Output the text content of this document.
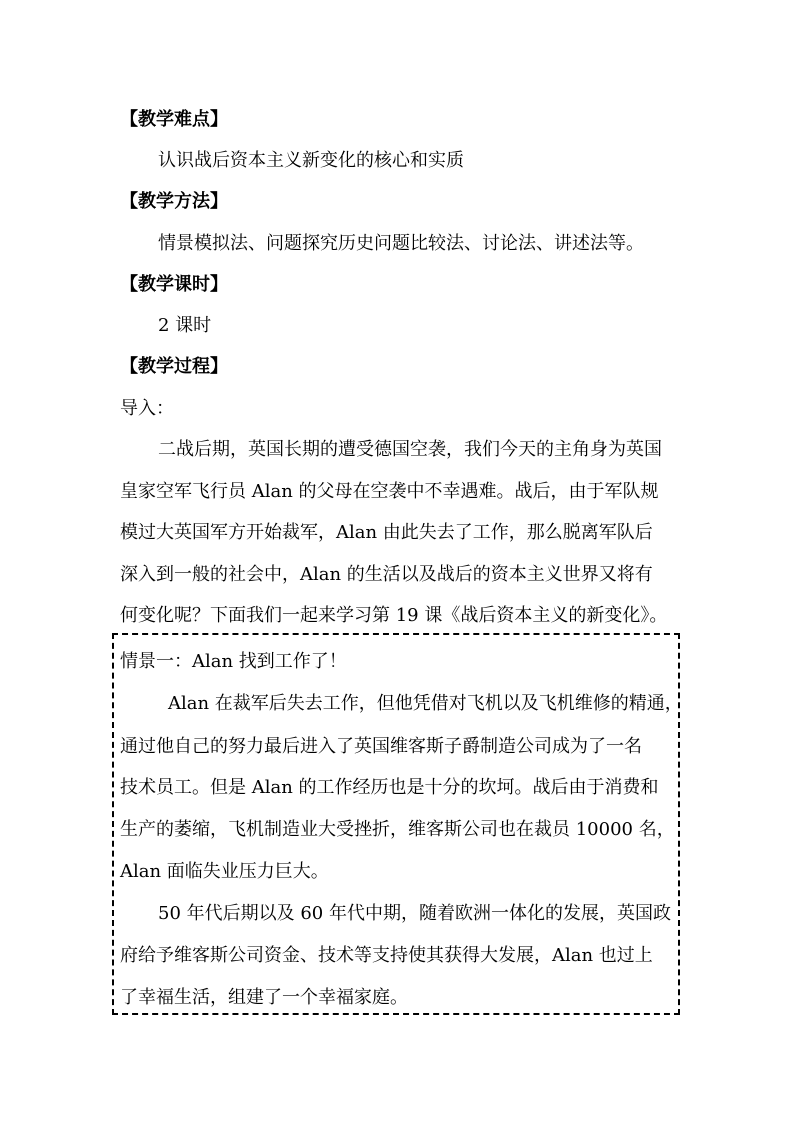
【教学难点】
认识战后资本主义新变化的核心和实质
【教学方法】
情景模拟法、问题探究历史问题比较法、讨论法、讲述法等。
【教学课时】
2 课时
【教学过程】
导入：
二战后期，英国长期的遭受德国空袭，我们今天的主角身为英国
皇家空军飞行员 Alan 的父母在空袭中不幸遇难。战后，由于军队规
模过大英国军方开始裁军，Alan 由此失去了工作，那么脱离军队后
深入到一般的社会中，Alan 的生活以及战后的资本主义世界又将有
何变化呢？下面我们一起来学习第 19 课《战后资本主义的新变化》。
情景一：Alan 找到工作了！
Alan 在裁军后失去工作，但他凭借对飞机以及飞机维修的精通，
通过他自己的努力最后进入了英国维客斯子爵制造公司成为了一名
技术员工。但是 Alan 的工作经历也是十分的坎坷。战后由于消费和
生产的萎缩，飞机制造业大受挫折，维客斯公司也在裁员 10000 名，
Alan 面临失业压力巨大。
50 年代后期以及 60 年代中期，随着欧洲一体化的发展，英国政
府给予维客斯公司资金、技术等支持使其获得大发展，Alan 也过上
了幸福生活，组建了一个幸福家庭。
